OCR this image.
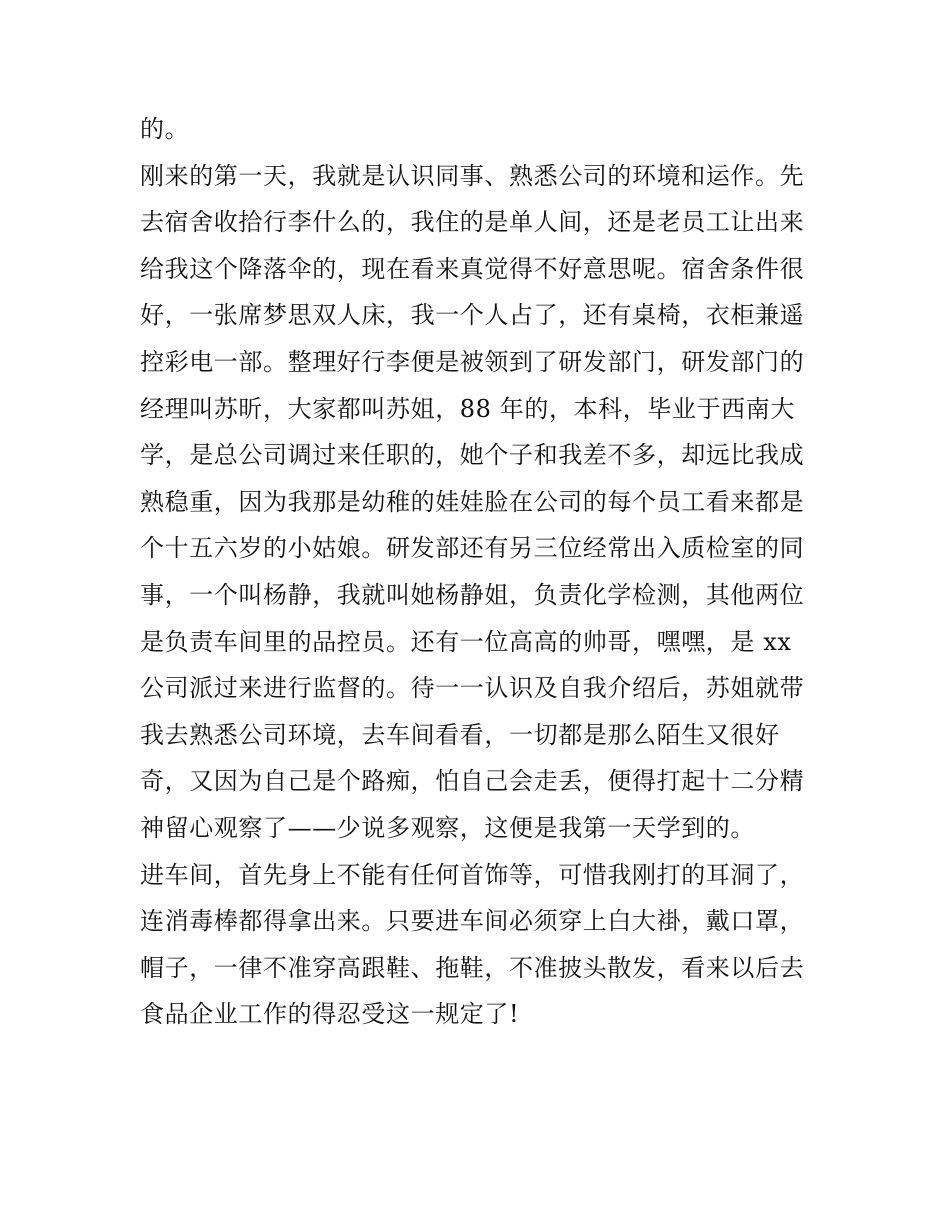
的。
刚来的第一天，我就是认识同事、熟悉公司的环境和运作。先
去宿舍收拾行李什么的，我住的是单人间，还是老员工让出来
给我这个降落伞的，现在看来真觉得不好意思呢。宿舍条件很
好，一张席梦思双人床，我一个人占了，还有桌椅，衣柜兼遥
控彩电一部。整理好行李便是被领到了研发部门，研发部门的
经理叫苏昕，大家都叫苏姐，88 年的，本科，毕业于西南大
学，是总公司调过来任职的，她个子和我差不多，却远比我成
熟稳重，因为我那是幼稚的娃娃脸在公司的每个员工看来都是
个十五六岁的小姑娘。研发部还有另三位经常出入质检室的同
事，一个叫杨静，我就叫她杨静姐，负责化学检测，其他两位
是负责车间里的品控员。还有一位高高的帅哥，嘿嘿，是 xx
公司派过来进行监督的。待一一认识及自我介绍后，苏姐就带
我去熟悉公司环境，去车间看看，一切都是那么陌生又很好
奇，又因为自己是个路痴，怕自己会走丢，便得打起十二分精
神留心观察了——少说多观察，这便是我第一天学到的。
进车间，首先身上不能有任何首饰等，可惜我刚打的耳洞了，
连消毒棒都得拿出来。只要进车间必须穿上白大褂，戴口罩，
帽子，一律不准穿高跟鞋、拖鞋，不准披头散发，看来以后去
食品企业工作的得忍受这一规定了!
